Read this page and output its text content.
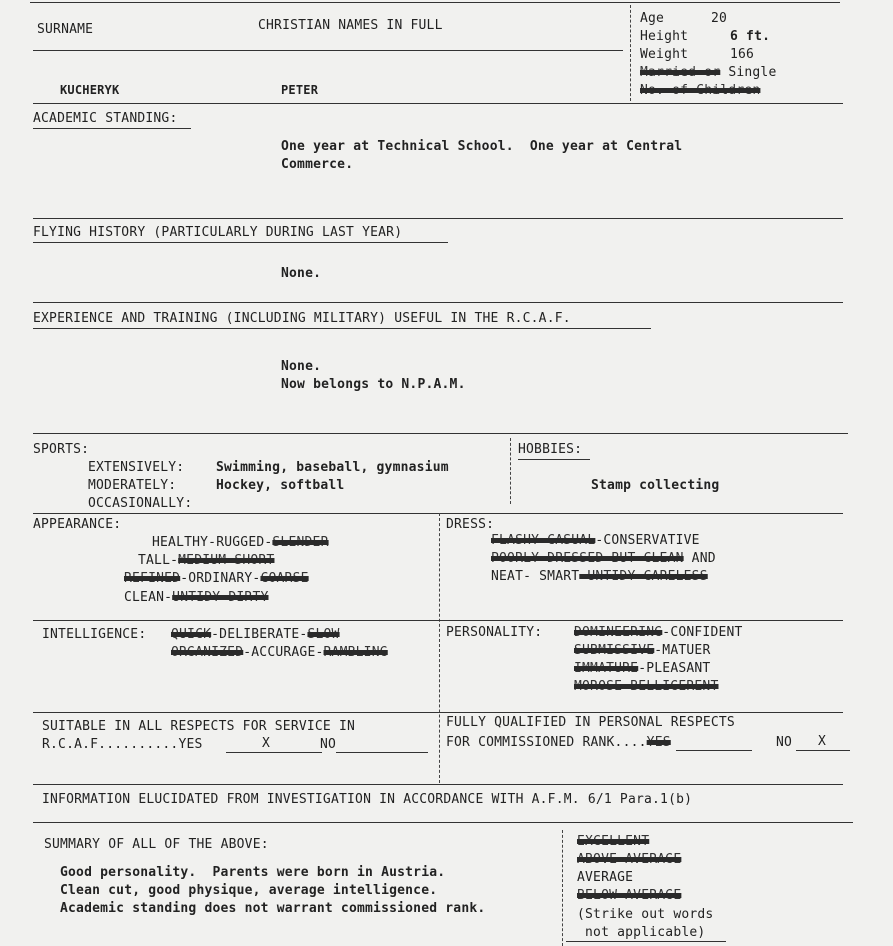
SURNAME	CHRISTIAN NAMES IN FULL
KUCHERYK	PETER
Age	20
Height	6 ft.
Weight	166
Married or Single
No. of Children
ACADEMIC STANDING:
One year at Technical School.  One year at Central
Commerce.
FLYING HISTORY (PARTICULARLY DURING LAST YEAR)
None.
EXPERIENCE AND TRAINING (INCLUDING MILITARY) USEFUL IN THE R.C.A.F.
None.
Now belongs to N.P.A.M.
SPORTS:
EXTENSIVELY: Swimming, baseball, gymnasium
MODERATELY:	Hockey, softball
OCCASIONALLY:
HOBBIES:
Stamp collecting
APPEARANCE:
HEALTHY-RUGGED-SLENDER
TALL-MEDIUM-SHORT
REFINED-ORDINARY-COARSE
CLEAN-UNTIDY-DIRTY
DRESS:
FLASHY-CASUAL-CONSERVATIVE
POORLY DRESSED BUT CLEAN AND
NEAT- SMART-UNTIDY-CARELESS
INTELLIGENCE: QUICK-DELIBERATE-SLOW
ORGANIZED-ACCURAGE-RAMBLING
PERSONALITY: DOMINEERING-CONFIDENT
SUBMISSIVE-MATUER
IMMATURE-PLEASANT
MOROSE-BELLIGERENT
SUITABLE IN ALL RESPECTS FOR SERVICE IN
R.C.A.F..........YES	X	NO
FULLY QUALIFIED IN PERSONAL RESPECTS
FOR COMMISSIONED RANK....YES	NO X
INFORMATION ELUCIDATED FROM INVESTIGATION IN ACCORDANCE WITH A.F.M. 6/1 Para.1(b)
SUMMARY OF ALL OF THE ABOVE:
Good personality.  Parents were born in Austria.
Clean cut, good physique, average intelligence.
Academic standing does not warrant commissioned rank.
EXCELLENT
ABOVE AVERAGE
AVERAGE
BELOW AVERAGE
(Strike out words
not applicable)
